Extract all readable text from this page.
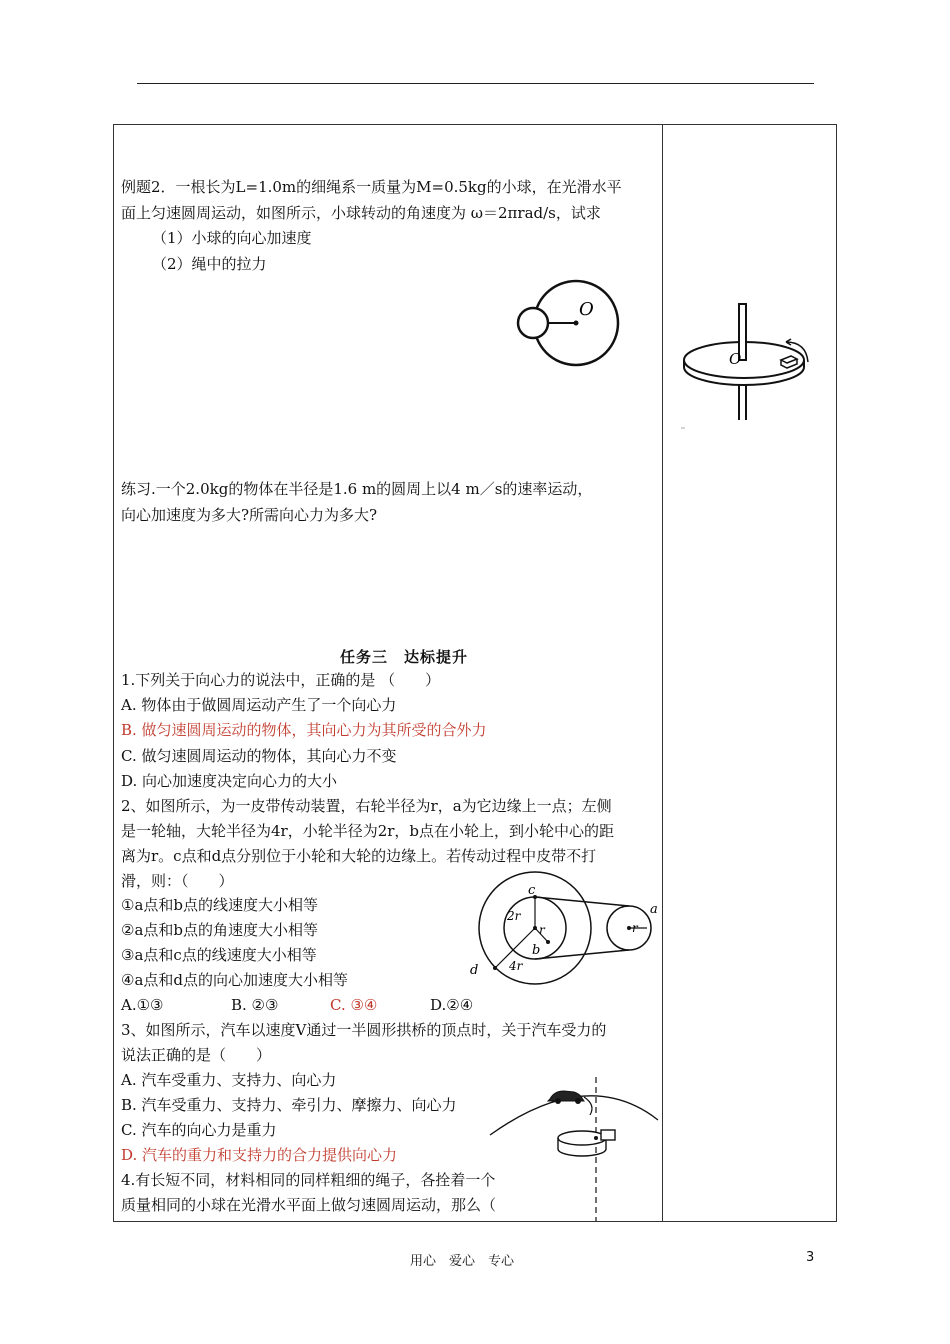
例题2．一根长为L=1.0m的细绳系一质量为M=0.5kg的小球，在光滑水平
面上匀速圆周运动，如图所示，小球转动的角速度为 ω＝2πrad/s，试求
（1）小球的向心加速度
（2）绳中的拉力
O
O
练习.一个2.0kg的物体在半径是1.6 m的圆周上以4 m／s的速率运动，
向心加速度为多大?所需向心力为多大?
任务三　达标提升
1.下列关于向心力的说法中，正确的是 （　　）
A. 物体由于做圆周运动产生了一个向心力
B. 做匀速圆周运动的物体，其向心力为其所受的合外力
C. 做匀速圆周运动的物体，其向心力不变
D. 向心加速度决定向心力的大小
2、如图所示，为一皮带传动装置，右轮半径为r，a为它边缘上一点；左侧
是一轮轴，大轮半径为4r，小轮半径为2r，b点在小轮上，到小轮中心的距
离为r。c点和d点分别位于小轮和大轮的边缘上。若传动过程中皮带不打
滑，则：（　　）
①a点和b点的线速度大小相等
②a点和b点的角速度大小相等
③a点和c点的线速度大小相等
④a点和d点的向心加速度大小相等
A.①③	B. ②③	C. ③④	D.②④
c
2r
r
b
4r
d
r
a
3、如图所示，汽车以速度V通过一半圆形拱桥的顶点时，关于汽车受力的
说法正确的是（　　）
A. 汽车受重力、支持力、向心力
B. 汽车受重力、支持力、牵引力、摩擦力、向心力
C. 汽车的向心力是重力
D. 汽车的重力和支持力的合力提供向心力
4.有长短不同，材料相同的同样粗细的绳子，各拴着一个
质量相同的小球在光滑水平面上做匀速圆周运动，那么（
用心　爱心　专心	3
